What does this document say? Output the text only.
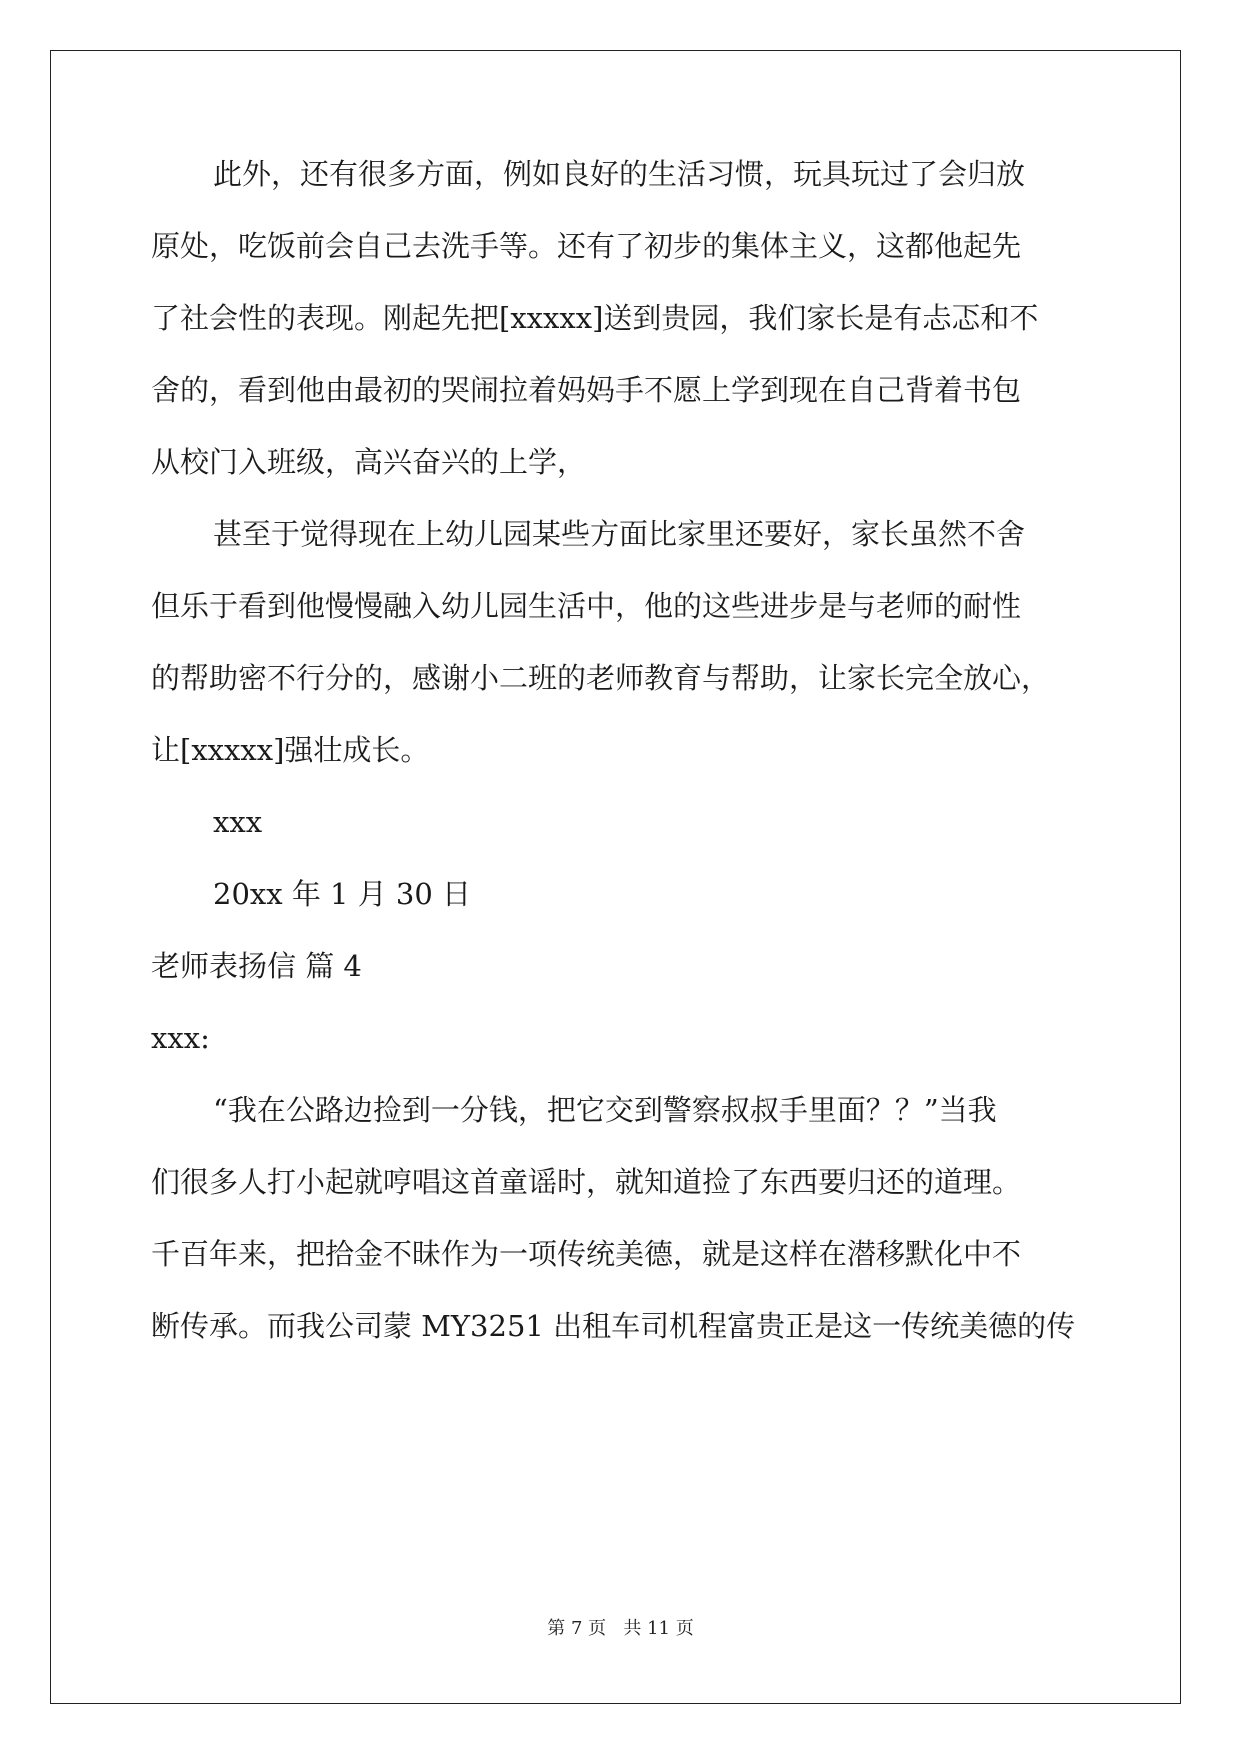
此外，还有很多方面，例如良好的生活习惯，玩具玩过了会归放

原处，吃饭前会自己去洗手等。还有了初步的集体主义，这都他起先

了社会性的表现。刚起先把[xxxxx]送到贵园，我们家长是有忐忑和不

舍的，看到他由最初的哭闹拉着妈妈手不愿上学到现在自己背着书包

从校门入班级，高兴奋兴的上学，

甚至于觉得现在上幼儿园某些方面比家里还要好，家长虽然不舍

但乐于看到他慢慢融入幼儿园生活中，他的这些进步是与老师的耐性

的帮助密不行分的，感谢小二班的老师教育与帮助，让家长完全放心，

让[xxxxx]强壮成长。

xxx

20xx 年 1 月 30 日

老师表扬信 篇 4

xxx:

“我在公路边捡到一分钱，把它交到警察叔叔手里面？？”当我

们很多人打小起就哼唱这首童谣时，就知道捡了东西要归还的道理。

千百年来，把拾金不昧作为一项传统美德，就是这样在潜移默化中不

断传承。而我公司蒙 MY3251 出租车司机程富贵正是这一传统美德的传

第 7 页   共 11 页
